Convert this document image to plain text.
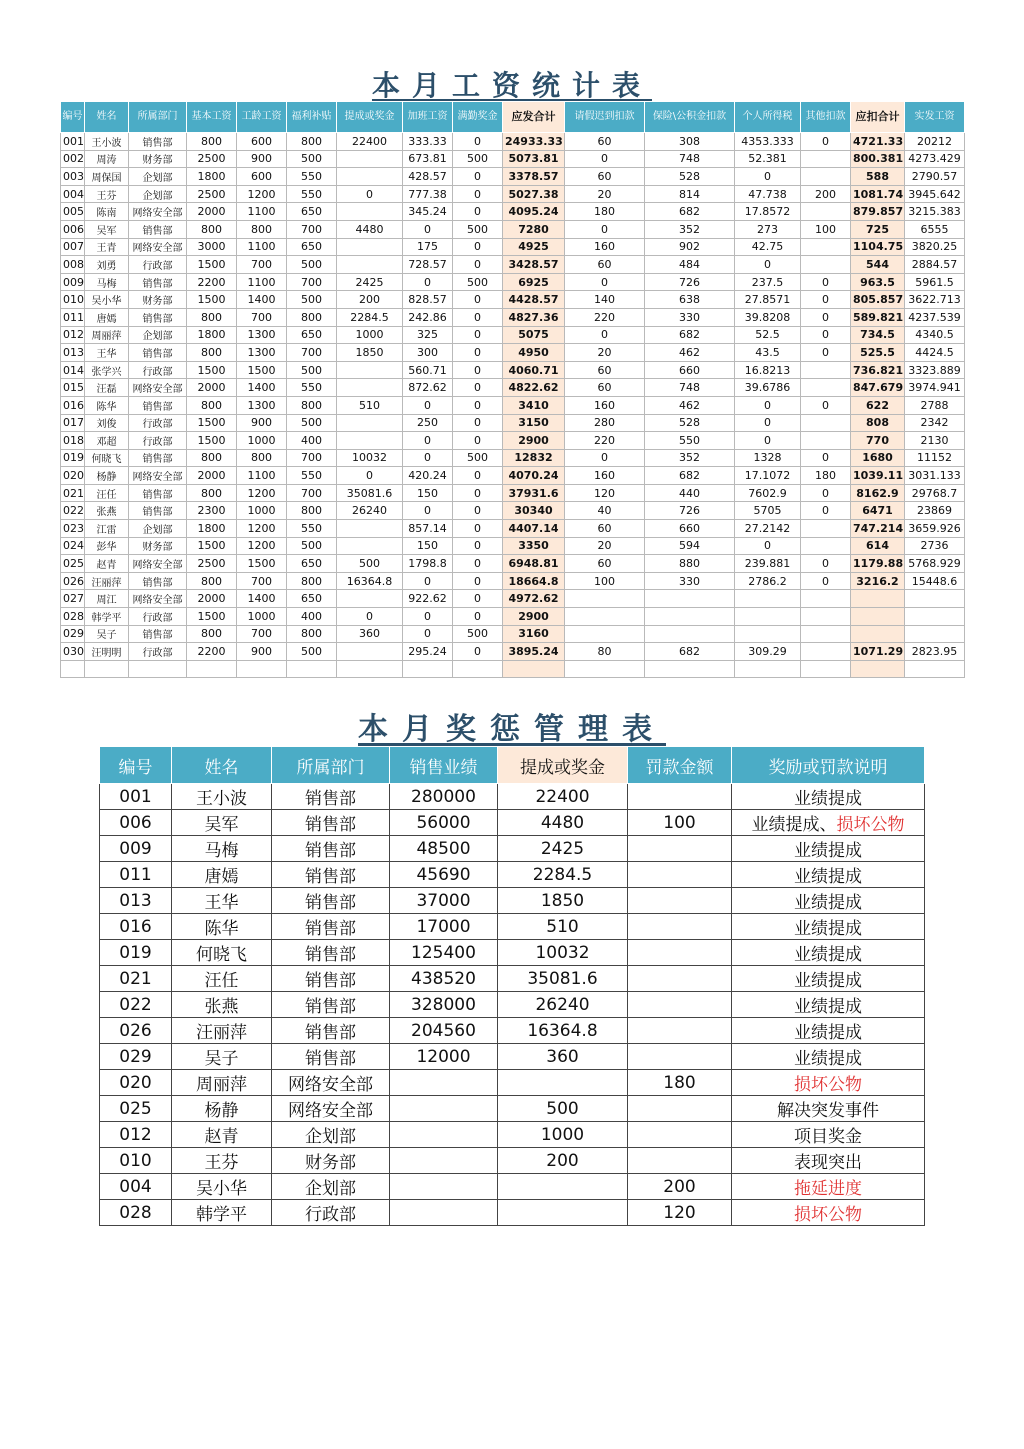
本月工资统计表
编号	姓名	所属部门	基本工资	工龄工资	福利补贴	提成或奖金	加班工资	满勤奖金	应发合计	请假迟到扣款	保险\公积金扣款	个人所得税	其他扣款	应扣合计	实发工资
001	王小波	销售部	800	600	800	22400	333.33	0	24933.33	60	308	4353.333	0	4721.33	20212
002	周涛	财务部	2500	900	500		673.81	500	5073.81	0	748	52.381		800.381	4273.429
003	周保国	企划部	1800	600	550		428.57	0	3378.57	60	528	0		588	2790.57
004	王芬	企划部	2500	1200	550	0	777.38	0	5027.38	20	814	47.738	200	1081.74	3945.642
005	陈南	网络安全部	2000	1100	650		345.24	0	4095.24	180	682	17.8572		879.857	3215.383
006	吴军	销售部	800	800	700	4480	0	500	7280	0	352	273	100	725	6555
007	王青	网络安全部	3000	1100	650		175	0	4925	160	902	42.75		1104.75	3820.25
008	刘勇	行政部	1500	700	500		728.57	0	3428.57	60	484	0		544	2884.57
009	马梅	销售部	2200	1100	700	2425	0	500	6925	0	726	237.5	0	963.5	5961.5
010	吴小华	财务部	1500	1400	500	200	828.57	0	4428.57	140	638	27.8571	0	805.857	3622.713
011	唐嫣	销售部	800	700	800	2284.5	242.86	0	4827.36	220	330	39.8208	0	589.821	4237.539
012	周丽萍	企划部	1800	1300	650	1000	325	0	5075	0	682	52.5	0	734.5	4340.5
013	王华	销售部	800	1300	700	1850	300	0	4950	20	462	43.5	0	525.5	4424.5
014	张学兴	行政部	1500	1500	500		560.71	0	4060.71	60	660	16.8213		736.821	3323.889
015	汪磊	网络安全部	2000	1400	550		872.62	0	4822.62	60	748	39.6786		847.679	3974.941
016	陈华	销售部	800	1300	800	510	0	0	3410	160	462	0	0	622	2788
017	刘俊	行政部	1500	900	500		250	0	3150	280	528	0		808	2342
018	邓超	行政部	1500	1000	400		0	0	2900	220	550	0		770	2130
019	何晓飞	销售部	800	800	700	10032	0	500	12832	0	352	1328	0	1680	11152
020	杨静	网络安全部	2000	1100	550	0	420.24	0	4070.24	160	682	17.1072	180	1039.11	3031.133
021	汪任	销售部	800	1200	700	35081.6	150	0	37931.6	120	440	7602.9	0	8162.9	29768.7
022	张燕	销售部	2300	1000	800	26240	0	0	30340	40	726	5705	0	6471	23869
023	江雷	企划部	1800	1200	550		857.14	0	4407.14	60	660	27.2142		747.214	3659.926
024	彭华	财务部	1500	1200	500		150	0	3350	20	594	0		614	2736
025	赵青	网络安全部	2500	1500	650	500	1798.8	0	6948.81	60	880	239.881	0	1179.88	5768.929
026	汪丽萍	销售部	800	700	800	16364.8	0	0	18664.8	100	330	2786.2	0	3216.2	15448.6
027	周江	网络安全部	2000	1400	650		922.62	0	4972.62						
028	韩学平	行政部	1500	1000	400	0	0	0	2900						
029	吴子	销售部	800	700	800	360	0	500	3160						
030	汪明明	行政部	2200	900	500		295.24	0	3895.24	80	682	309.29		1071.29	2823.95

本月奖惩管理表
编号	姓名	所属部门	销售业绩	提成或奖金	罚款金额	奖励或罚款说明
001	王小波	销售部	280000	22400		业绩提成
006	吴军	销售部	56000	4480	100	业绩提成、损坏公物
009	马梅	销售部	48500	2425		业绩提成
011	唐嫣	销售部	45690	2284.5		业绩提成
013	王华	销售部	37000	1850		业绩提成
016	陈华	销售部	17000	510		业绩提成
019	何晓飞	销售部	125400	10032		业绩提成
021	汪任	销售部	438520	35081.6		业绩提成
022	张燕	销售部	328000	26240		业绩提成
026	汪丽萍	销售部	204560	16364.8		业绩提成
029	吴子	销售部	12000	360		业绩提成
020	周丽萍	网络安全部			180	损坏公物
025	杨静	网络安全部		500		解决突发事件
012	赵青	企划部		1000		项目奖金
010	王芬	财务部		200		表现突出
004	吴小华	企划部			200	拖延进度
028	韩学平	行政部			120	损坏公物
